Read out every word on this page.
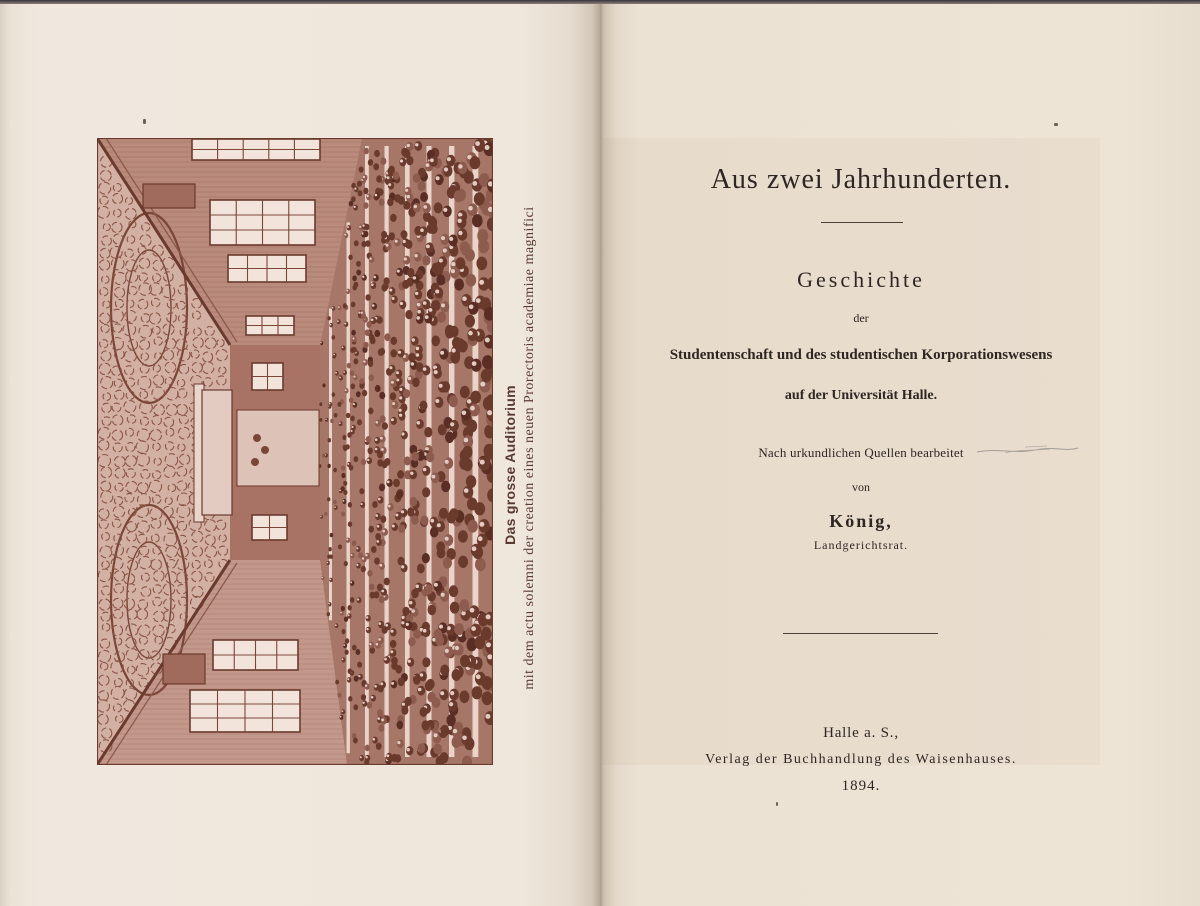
Das grosse Auditorium mit dem actu solemni der creation eines neuen Prorectoris academiae magnifici
Aus zwei Jahrhunderten.
Geschichte
der
Studentenschaft und des studentischen Korporationswesens
auf der Universität Halle.
Nach urkundlichen Quellen bearbeitet
von
König,
Landgerichtsrat.
Halle a. S.,
Verlag der Buchhandlung des Waisenhauses.
1894.
